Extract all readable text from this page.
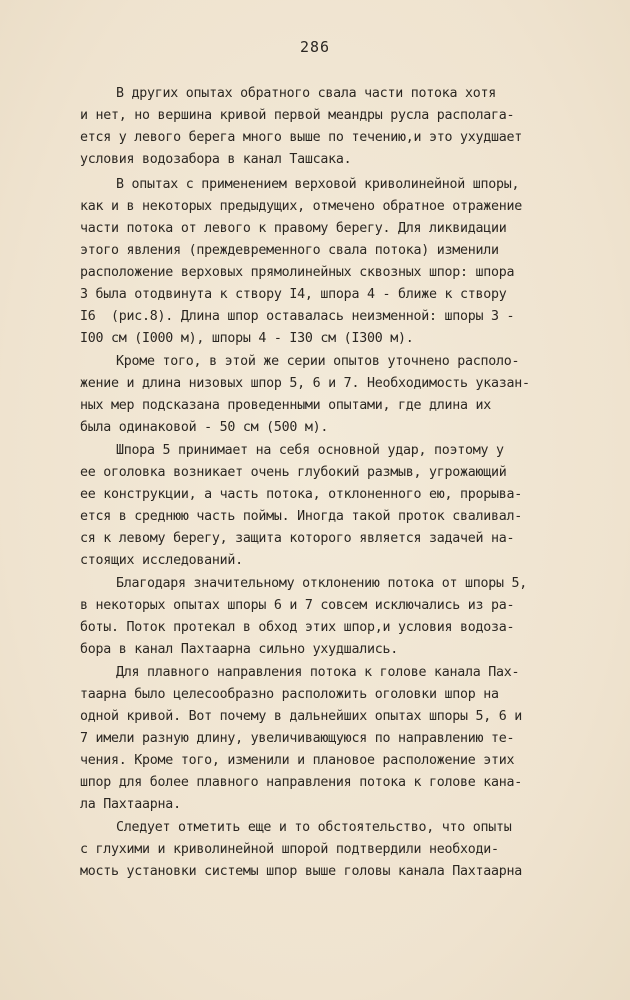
286
В других опытах обратного свала части потока хотя
и нет, но вершина кривой первой меандры русла располага-
ется у левого берега много выше по течению,и это ухудшает
условия водозабора в канал Ташсака.
В опытах с применением верховой криволинейной шпоры,
как и в некоторых предыдущих, отмечено обратное отражение
части потока от левого к правому берегу. Для ликвидации
этого явления (преждевременного свала потока) изменили
расположение верховых прямолинейных сквозных шпор: шпора
3 была отодвинута к створу I4, шпора 4 - ближе к створу
I6  (рис.8). Длина шпор оставалась неизменной: шпоры 3 -
I00 см (I000 м), шпоры 4 - I30 см (I300 м).
Кроме того, в этой же серии опытов уточнено располо-
жение и длина низовых шпор 5, 6 и 7. Необходимость указан-
ных мер подсказана проведенными опытами, где длина их
была одинаковой - 50 см (500 м).
Шпора 5 принимает на себя основной удар, поэтому у
ее оголовка возникает очень глубокий размыв, угрожающий
ее конструкции, а часть потока, отклоненного ею, прорыва-
ется в среднюю часть поймы. Иногда такой проток сваливал-
ся к левому берегу, защита которого является задачей на-
стоящих исследований.
Благодаря значительному отклонению потока от шпоры 5,
в некоторых опытах шпоры 6 и 7 совсем исключались из ра-
боты. Поток протекал в обход этих шпор,и условия водоза-
бора в канал Пахтаарна сильно ухудшались.
Для плавного направления потока к голове канала Пах-
таарна было целесообразно расположить оголовки шпор на
одной кривой. Вот почему в дальнейших опытах шпоры 5, 6 и
7 имели разную длину, увеличивающуюся по направлению те-
чения. Кроме того, изменили и плановое расположение этих
шпор для более плавного направления потока к голове кана-
ла Пахтаарна.
Следует отметить еще и то обстоятельство, что опыты
с глухими и криволинейной шпорой подтвердили необходи-
мость установки системы шпор выше головы канала Пахтаарна
